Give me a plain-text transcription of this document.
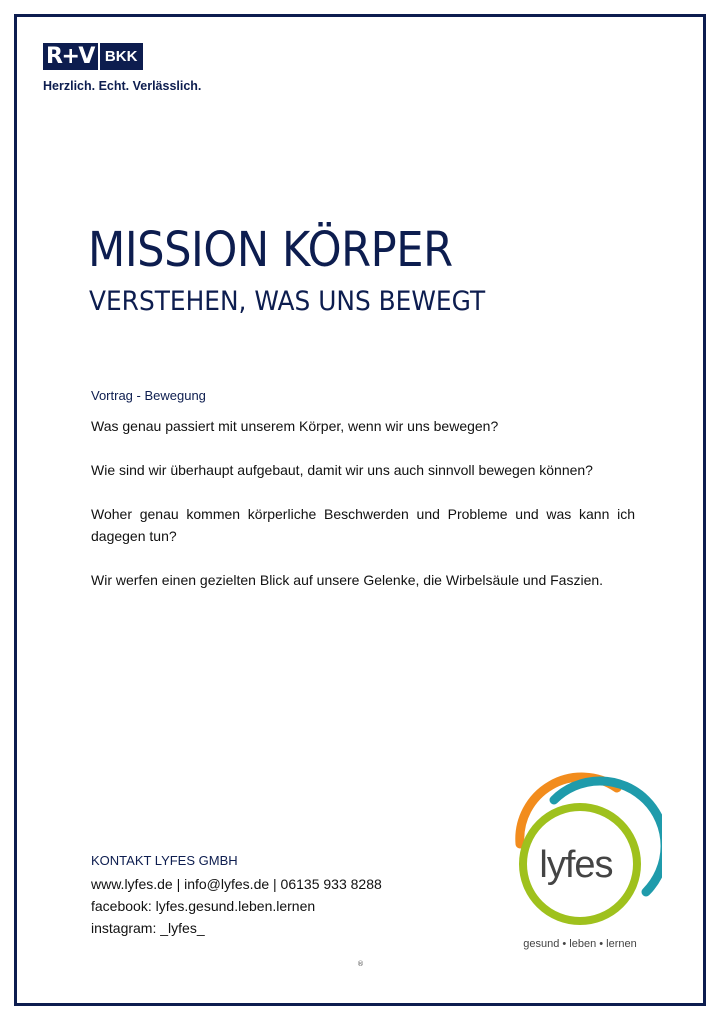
R+V BKK
Herzlich. Echt. Verlässlich.
MISSION KÖRPER
VERSTEHEN, WAS UNS BEWEGT
Vortrag - Bewegung

Was genau passiert mit unserem Körper, wenn wir uns bewegen?

Wie sind wir überhaupt aufgebaut, damit wir uns auch sinnvoll bewegen können?

Woher genau kommen körperliche Beschwerden und Probleme und was kann ich dagegen tun?

Wir werfen einen gezielten Blick auf unsere Gelenke, die Wirbelsäule und Faszien.

KONTAKT LYFES GMBH
www.lyfes.de | info@lyfes.de | 06135 933 8288
facebook: lyfes.gesund.leben.lernen
instagram: _lyfes_
®
lyfes
gesund • leben • lernen
